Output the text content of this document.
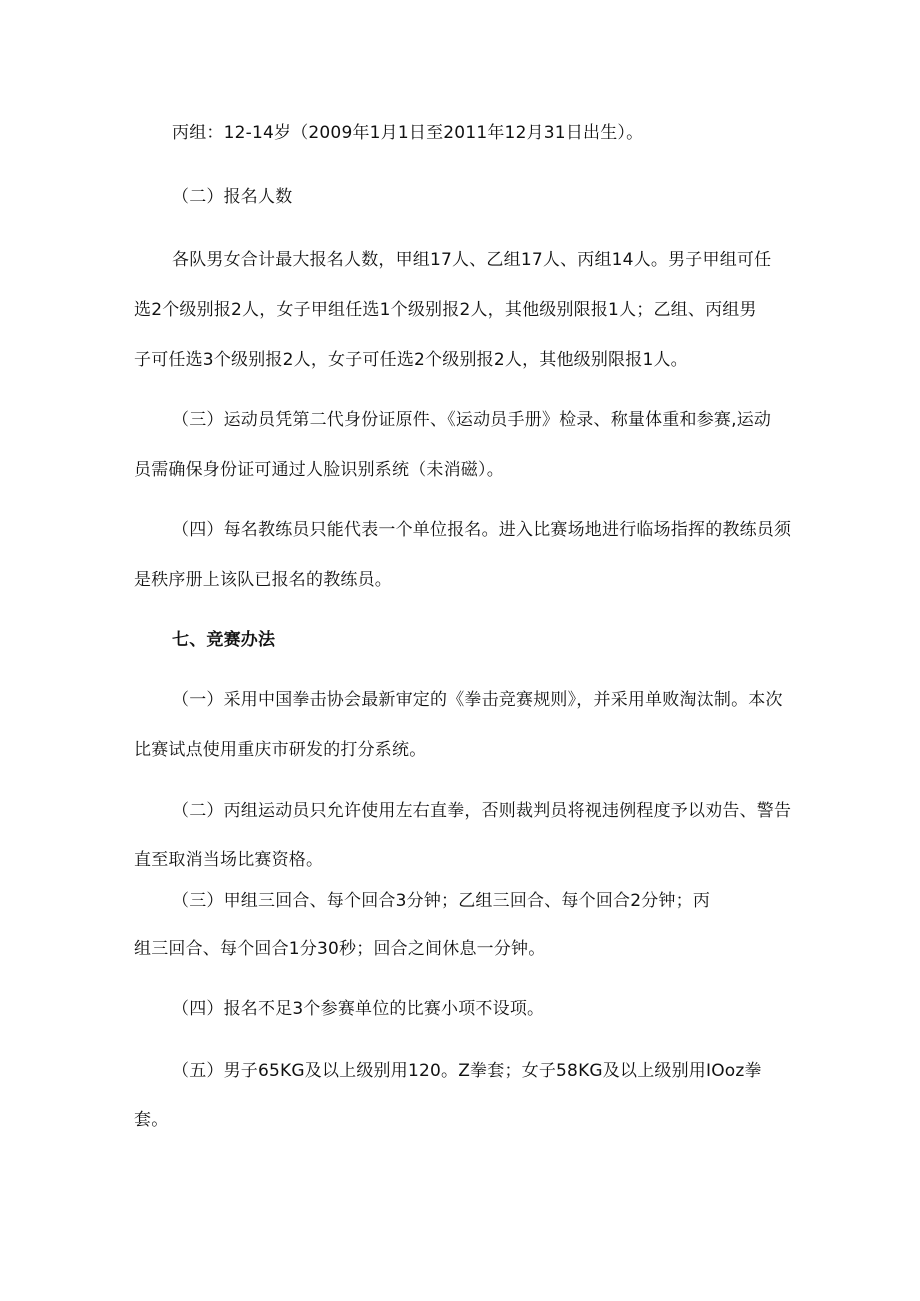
丙组：12-14岁（2009年1月1日至2011年12月31日出生）。
（二）报名人数
各队男女合计最大报名人数，甲组17人、乙组17人、丙组14人。男子甲组可任
选2个级别报2人，女子甲组任选1个级别报2人，其他级别限报1人；乙组、丙组男
子可任选3个级别报2人，女子可任选2个级别报2人，其他级别限报1人。
（三）运动员凭第二代身份证原件、《运动员手册》检录、称量体重和参赛,运动
员需确保身份证可通过人脸识别系统（未消磁）。
（四）每名教练员只能代表一个单位报名。进入比赛场地进行临场指挥的教练员须
是秩序册上该队已报名的教练员。
七、竞赛办法
（一）采用中国拳击协会最新审定的《拳击竞赛规则》，并采用单败淘汰制。本次
比赛试点使用重庆市研发的打分系统。
（二）丙组运动员只允许使用左右直拳，否则裁判员将视违例程度予以劝告、警告
直至取消当场比赛资格。
（三）甲组三回合、每个回合3分钟；乙组三回合、每个回合2分钟；丙
组三回合、每个回合1分30秒；回合之间休息一分钟。
（四）报名不足3个参赛单位的比赛小项不设项。
（五）男子65KG及以上级别用120。Z拳套；女子58KG及以上级别用IOoz拳
套。
